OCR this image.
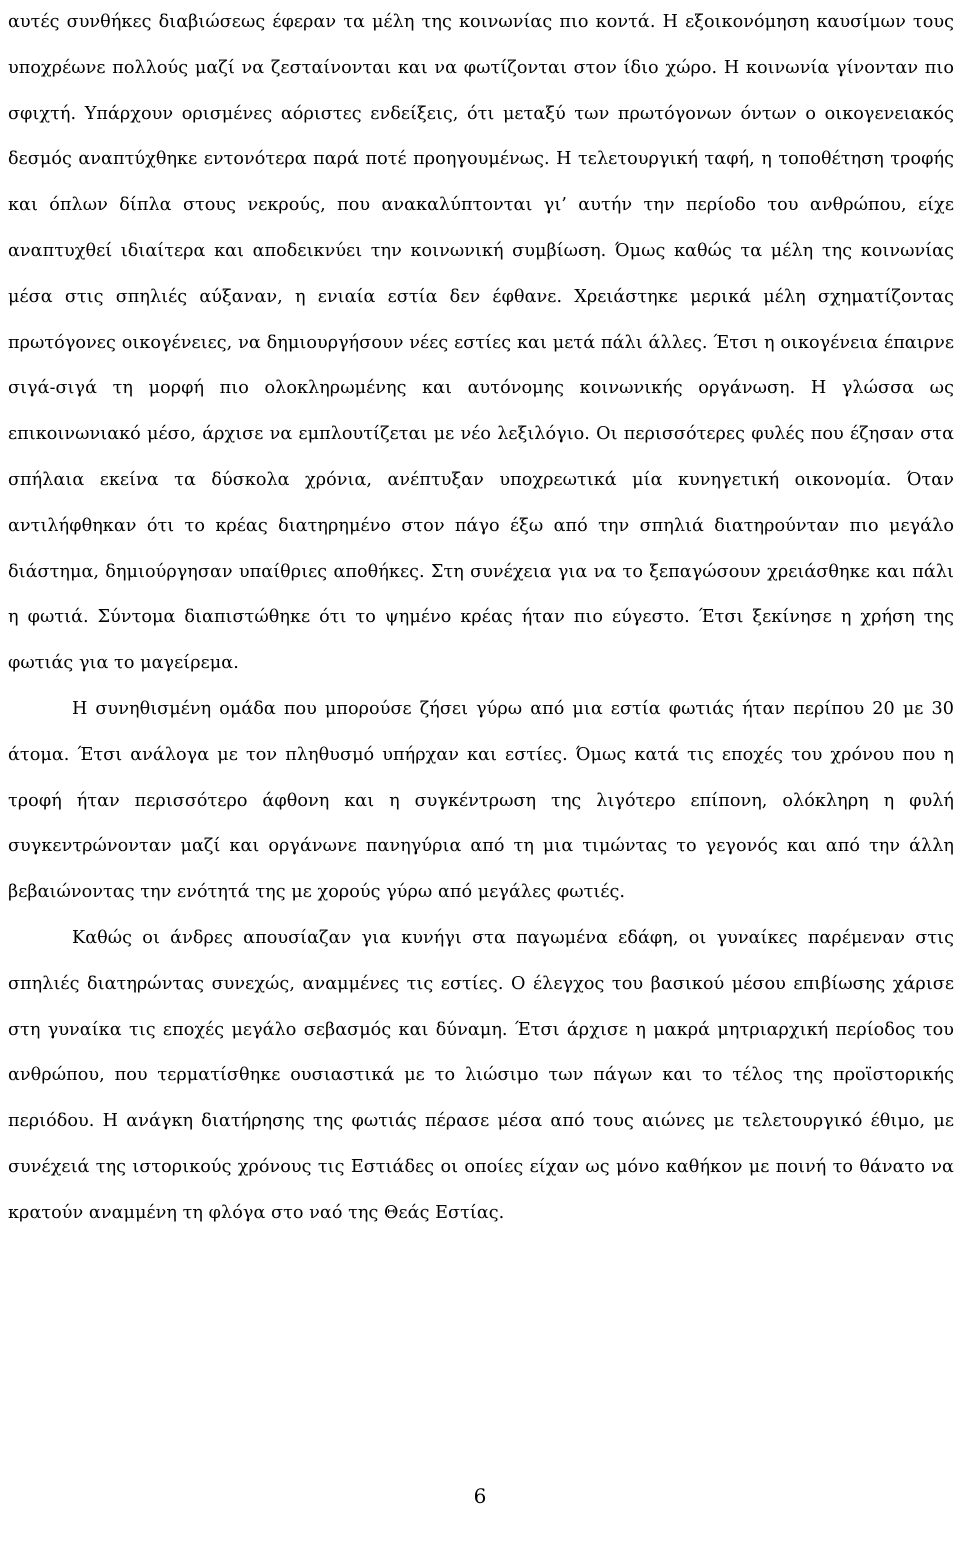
αυτές συνθήκες διαβιώσεως έφεραν τα μέλη της κοινωνίας πιο κοντά. Η εξοικονόμηση καυσίμων τους υποχρέωνε πολλούς μαζί να ζεσταίνονται και να φωτίζονται στον ίδιο χώρο. Η κοινωνία γίνονταν πιο σφιχτή. Υπάρχουν ορισμένες αόριστες ενδείξεις, ότι μεταξύ των πρωτόγονων όντων ο οικογενειακός δεσμός αναπτύχθηκε εντονότερα παρά ποτέ προηγουμένως. Η τελετουργική ταφή, η τοποθέτηση τροφής και όπλων δίπλα στους νεκρούς, που ανακαλύπτονται γι’ αυτήν την περίοδο του ανθρώπου, είχε αναπτυχθεί ιδιαίτερα και αποδεικνύει την κοινωνική συμβίωση. Όμως καθώς τα μέλη της κοινωνίας μέσα στις σπηλιές αύξαναν, η ενιαία εστία δεν έφθανε. Χρειάστηκε μερικά μέλη σχηματίζοντας πρωτόγονες οικογένειες, να δημιουργήσουν νέες εστίες και μετά πάλι άλλες. Έτσι η οικογένεια έπαιρνε σιγά-σιγά τη μορφή πιο ολοκληρωμένης και αυτόνομης κοινωνικής οργάνωση. Η γλώσσα ως επικοινωνιακό μέσο, άρχισε να εμπλουτίζεται με νέο λεξιλόγιο. Οι περισσότερες φυλές που έζησαν στα σπήλαια εκείνα τα δύσκολα χρόνια, ανέπτυξαν υποχρεωτικά μία κυνηγετική οικονομία. Όταν αντιλήφθηκαν ότι το κρέας διατηρημένο στον πάγο έξω από την σπηλιά διατηρούνταν πιο μεγάλο διάστημα, δημιούργησαν υπαίθριες αποθήκες. Στη συνέχεια για να το ξεπαγώσουν χρειάσθηκε και πάλι η φωτιά. Σύντομα διαπιστώθηκε ότι το ψημένο κρέας ήταν πιο εύγεστο. Έτσι ξεκίνησε η χρήση της φωτιάς για το μαγείρεμα.

Η συνηθισμένη ομάδα που μπορούσε ζήσει γύρω από μια εστία φωτιάς ήταν περίπου 20 με 30 άτομα. Έτσι ανάλογα με τον πληθυσμό υπήρχαν και εστίες. Όμως κατά τις εποχές του χρόνου που η τροφή ήταν περισσότερο άφθονη και η συγκέντρωση της λιγότερο επίπονη, ολόκληρη η φυλή συγκεντρώνονταν μαζί και οργάνωνε πανηγύρια από τη μια τιμώντας το γεγονός και από την άλλη βεβαιώνοντας την ενότητά της με χορούς γύρω από μεγάλες φωτιές.

Καθώς οι άνδρες απουσίαζαν για κυνήγι στα παγωμένα εδάφη, οι γυναίκες παρέμεναν στις σπηλιές διατηρώντας συνεχώς, αναμμένες τις εστίες. Ο έλεγχος του βασικού μέσου επιβίωσης χάρισε στη γυναίκα τις εποχές μεγάλο σεβασμός και δύναμη. Έτσι άρχισε η μακρά μητριαρχική περίοδος του ανθρώπου, που τερματίσθηκε ουσιαστικά με το λιώσιμο των πάγων και το τέλος της προϊστορικής περιόδου. Η ανάγκη διατήρησης της φωτιάς πέρασε μέσα από τους αιώνες με τελετουργικό έθιμο, με συνέχειά της ιστορικούς χρόνους τις Εστιάδες οι οποίες είχαν ως μόνο καθήκον με ποινή το θάνατο να κρατούν αναμμένη τη φλόγα στο ναό της Θεάς Εστίας.

6
